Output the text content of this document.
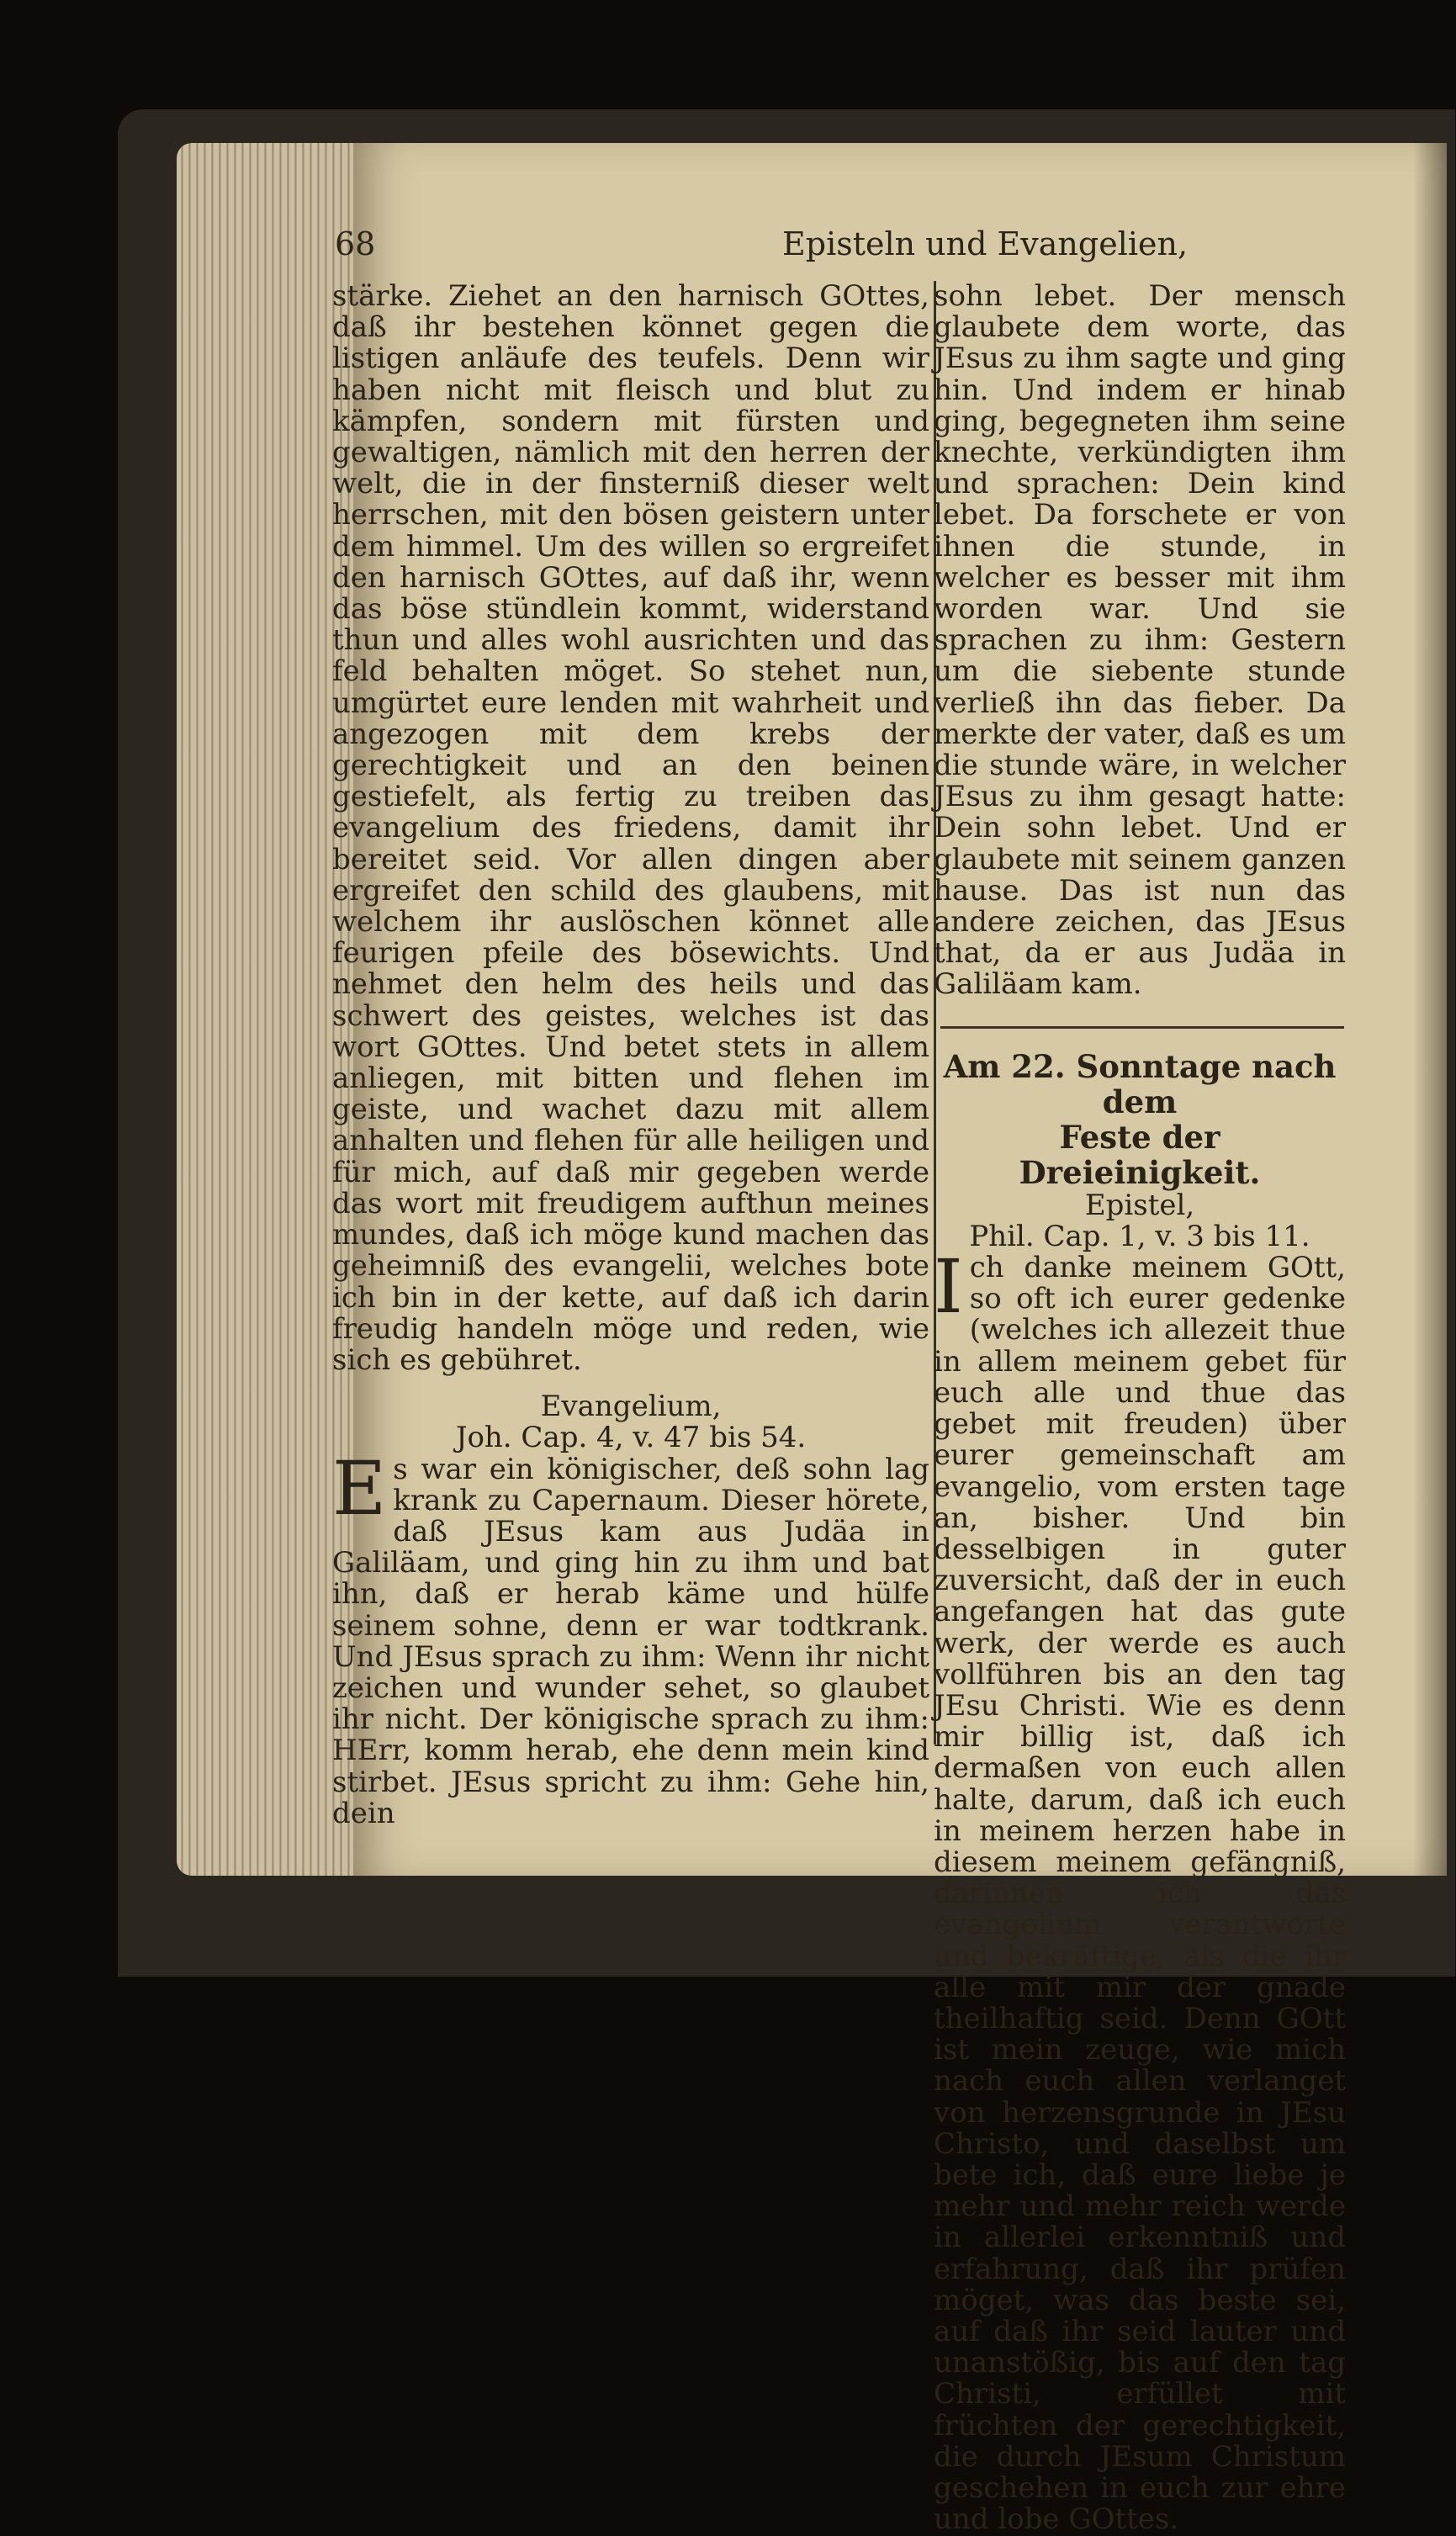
68	Episteln und Evangelien,

stärke. Ziehet an den harnisch GOttes, daß ihr bestehen könnet gegen die listigen anläufe des teufels. Denn wir haben nicht mit fleisch und blut zu kämpfen, sondern mit fürsten und gewaltigen, nämlich mit den herren der welt, die in der finsterniß dieser welt herrschen, mit den bösen geistern unter dem himmel. Um des willen so ergreifet den harnisch GOttes, auf daß ihr, wenn das böse stündlein kommt, widerstand thun und alles wohl ausrichten und das feld behalten möget. So stehet nun, umgürtet eure lenden mit wahrheit und angezogen mit dem krebs der gerechtigkeit und an den beinen gestiefelt, als fertig zu treiben das evangelium des friedens, damit ihr bereitet seid. Vor allen dingen aber ergreifet den schild des glaubens, mit welchem ihr auslöschen könnet alle feurigen pfeile des bösewichts. Und nehmet den helm des heils und das schwert des geistes, welches ist das wort GOttes. Und betet stets in allem anliegen, mit bitten und flehen im geiste, und wachet dazu mit allem anhalten und flehen für alle heiligen und für mich, auf daß mir gegeben werde das wort mit freudigem aufthun meines mundes, daß ich möge kund machen das geheimniß des evangelii, welches bote ich bin in der kette, auf daß ich darin freudig handeln möge und reden, wie sich es gebühret.

Evangelium,

Joh. Cap. 4, v. 47 bis 54.

Es war ein königischer, deß sohn lag krank zu Capernaum. Dieser hörete, daß JEsus kam aus Judäa in Galiläam, und ging hin zu ihm und bat ihn, daß er herab käme und hülfe seinem sohne, denn er war todtkrank. Und JEsus sprach zu ihm: Wenn ihr nicht zeichen und wunder sehet, so glaubet ihr nicht. Der königische sprach zu ihm: HErr, komm herab, ehe denn mein kind stirbet. JEsus spricht zu ihm: Gehe hin, dein

sohn lebet. Der mensch glaubete dem worte, das JEsus zu ihm sagte und ging hin. Und indem er hinab ging, begegneten ihm seine knechte, verkündigten ihm und sprachen: Dein kind lebet. Da forschete er von ihnen die stunde, in welcher es besser mit ihm worden war. Und sie sprachen zu ihm: Gestern um die siebente stunde verließ ihn das fieber. Da merkte der vater, daß es um die stunde wäre, in welcher JEsus zu ihm gesagt hatte: Dein sohn lebet. Und er glaubete mit seinem ganzen hause. Das ist nun das andere zeichen, das JEsus that, da er aus Judäa in Galiläam kam.

Am 22. Sonntage nach dem

Feste der Dreieinigkeit.

Epistel,

Phil. Cap. 1, v. 3 bis 11.

Ich danke meinem GOtt, so oft ich eurer gedenke (welches ich allezeit thue in allem meinem gebet für euch alle und thue das gebet mit freuden) über eurer gemeinschaft am evangelio, vom ersten tage an, bisher. Und bin desselbigen in guter zuversicht, daß der in euch angefangen hat das gute werk, der werde es auch vollführen bis an den tag JEsu Christi. Wie es denn mir billig ist, daß ich dermaßen von euch allen halte, darum, daß ich euch in meinem herzen habe in diesem meinem gefängniß, darinnen ich das evangelium verantworte und bekräftige, als die ihr alle mit mir der gnade theilhaftig seid. Denn GOtt ist mein zeuge, wie mich nach euch allen verlanget von herzensgrunde in JEsu Christo, und daselbst um bete ich, daß eure liebe je mehr und mehr reich werde in allerlei erkenntniß und erfahrung, daß ihr prüfen möget, was das beste sei, auf daß ihr seid lauter und unanstößig, bis auf den tag Christi, erfüllet mit früchten der gerechtigkeit, die durch JEsum Christum geschehen in euch zur ehre und lobe GOttes.
